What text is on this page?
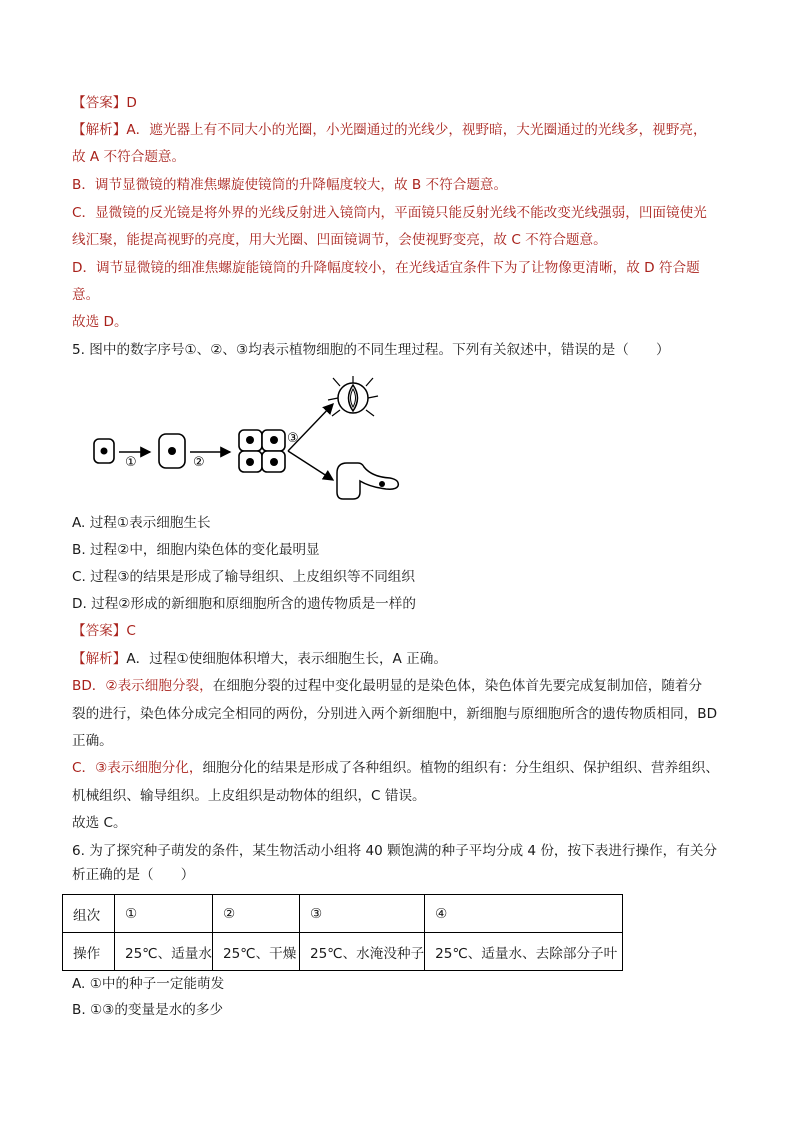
【答案】D
【解析】A．遮光器上有不同大小的光圈，小光圈通过的光线少，视野暗，大光圈通过的光线多，视野亮，
故 A 不符合题意。
B．调节显微镜的精准焦螺旋使镜筒的升降幅度较大，故 B 不符合题意。
C．显微镜的反光镜是将外界的光线反射进入镜筒内，平面镜只能反射光线不能改变光线强弱，凹面镜使光
线汇聚，能提高视野的亮度，用大光圈、凹面镜调节，会使视野变亮，故 C 不符合题意。
D．调节显微镜的细准焦螺旋能镜筒的升降幅度较小，在光线适宜条件下为了让物像更清晰，故 D 符合题
意。
故选 D。
5. 图中的数字序号①、②、③均表示植物细胞的不同生理过程。下列有关叙述中，错误的是（　　）
①	②
③
A. 过程①表示细胞生长
B. 过程②中，细胞内染色体的变化最明显
C. 过程③的结果是形成了输导组织、上皮组织等不同组织
D. 过程②形成的新细胞和原细胞所含的遗传物质是一样的
【答案】C
【解析】A．过程①使细胞体积增大，表示细胞生长，A 正确。
BD．②表示细胞分裂，在细胞分裂的过程中变化最明显的是染色体，染色体首先要完成复制加倍，随着分
裂的进行，染色体分成完全相同的两份，分别进入两个新细胞中，新细胞与原细胞所含的遗传物质相同，BD
正确。
C．③表示细胞分化，细胞分化的结果是形成了各种组织。植物的组织有：分生组织、保护组织、营养组织、
机械组织、输导组织。上皮组织是动物体的组织，C 错误。
故选 C。
6. 为了探究种子萌发的条件，某生物活动小组将 40 颗饱满的种子平均分成 4 份，按下表进行操作，有关分
析正确的是（　　）
组次	①	②	③	④
操作	25℃、适量水	25℃、干燥	25℃、水淹没种子	25℃、适量水、去除部分子叶
A. ①中的种子一定能萌发
B. ①③的变量是水的多少
